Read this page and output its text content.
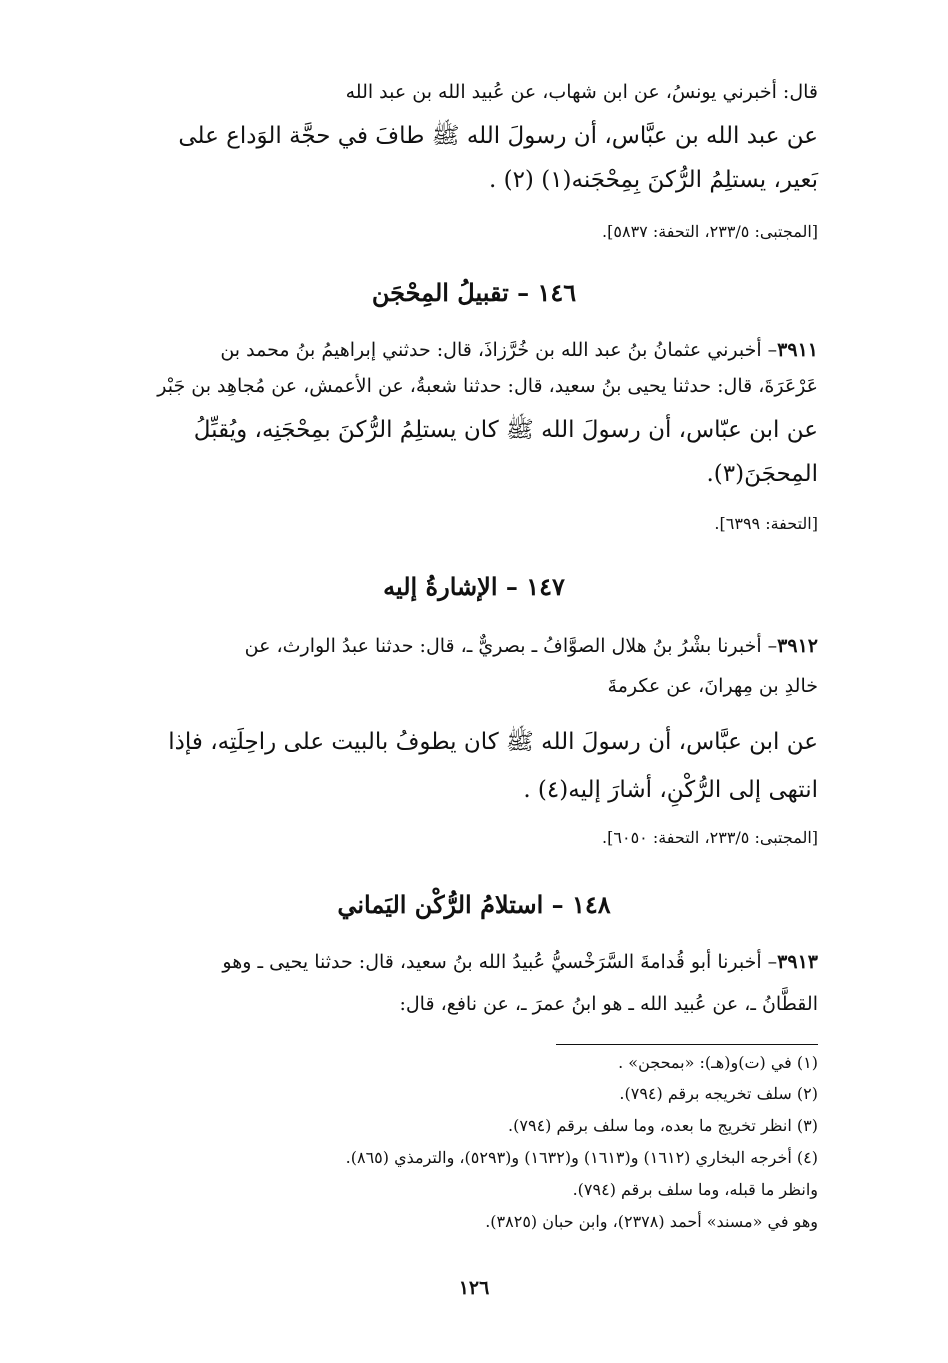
قال: أخبرني يونسُ، عن ابن شهاب، عن عُبيد الله بن عبد الله
عن عبد الله بن عبَّاس، أن رسولَ الله ﷺ طافَ في حجَّة الوَداع على
بَعير، يستلِمُ الرُّكنَ بِمِحْجَنه(١) (٢) .
[المجتبى: ٢٣٣/٥، التحفة: ٥٨٣٧].
١٤٦ – تقبيلُ المِحْجَن
٣٩١١– أخبرني عثمانُ بنُ عبد الله بن خُرَّزاذَ، قال: حدثني إبراهيمُ بنُ محمد بن
عَرْعَرَةَ، قال: حدثنا يحيى بنُ سعيد، قال: حدثنا شعبةُ، عن الأعمش، عن مُجاهِد بن جَبْر
عن ابن عبّاس، أن رسولَ الله ﷺ كان يستلِمُ الرُّكنَ بمِحْجَنِه، ويُقبِّلُ
المِحجَنَ(٣).
[التحفة: ٦٣٩٩].
١٤٧ – الإشارةُ إليه
٣٩١٢– أخبرنا بشْرُ بنُ هلال الصوَّافُ ـ بصريٌّ ـ، قال: حدثنا عبدُ الوارث، عن
خالدِ بن مِهرانَ، عن عكرمةَ
عن ابن عبَّاس، أن رسولَ الله ﷺ كان يطوفُ بالبيت على راحِلَتِه، فإذا
انتهى إلى الرُّكْنِ، أشارَ إليه(٤) .
[المجتبى: ٢٣٣/٥، التحفة: ٦٠٥٠].
١٤٨ – استلامُ الرُّكْن اليَماني
٣٩١٣– أخبرنا أبو قُدامةَ السَّرَخْسيُّ عُبيدُ الله بنُ سعيد، قال: حدثنا يحيى ـ وهو
القطَّانُ ـ، عن عُبيد الله ـ هو ابنُ عمرَ ـ، عن نافع، قال:
(١) في (ت)و(هـ): «بمحجن» .
(٢) سلف تخريجه برقم (٧٩٤).
(٣) انظر تخريج ما بعده، وما سلف برقم (٧٩٤).
(٤) أخرجه البخاري (١٦١٢) و(١٦١٣) و(١٦٣٢) و(٥٢٩٣)، والترمذي (٨٦٥).
وانظر ما قبله، وما سلف برقم (٧٩٤).
وهو في «مسند» أحمد (٢٣٧٨)، وابن حبان (٣٨٢٥).
١٢٦
